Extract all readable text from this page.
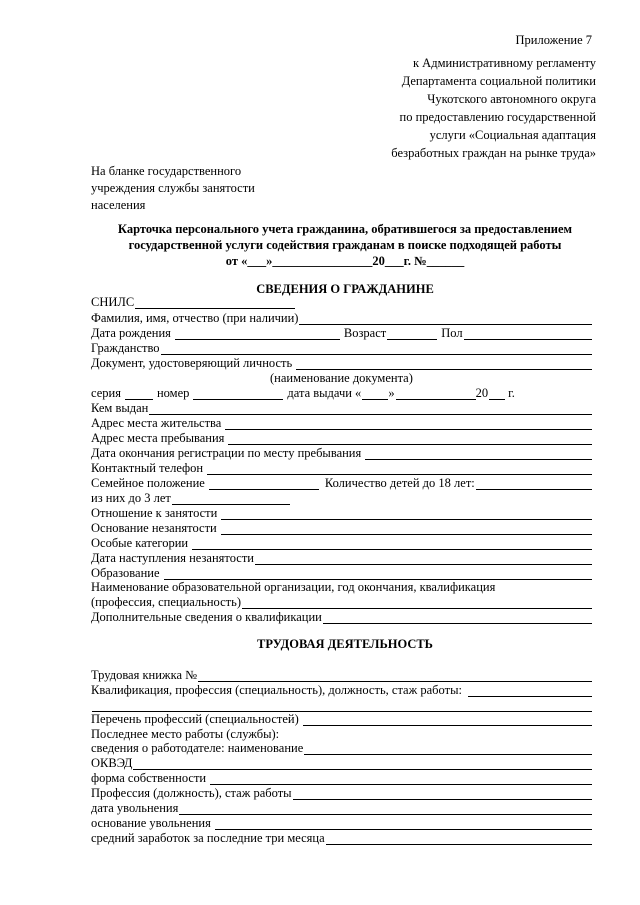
Приложение 7
к Административному регламенту
Департамента социальной политики
Чукотского автономного округа
по предоставлению государственной
услуги «Социальная адаптация
безработных граждан на рынке труда»
На бланке государственного
учреждения службы занятости
населения
Карточка персонального учета гражданина, обратившегося за предоставлением
государственной услуги содействия гражданам в поиске подходящей работы
от «___»________________20___г. №______
СВЕДЕНИЯ О ГРАЖДАНИНЕ
СНИЛС
Фамилия, имя, отчество (при наличии)
Дата рождения	Возраст	Пол
Гражданство
Документ, удостоверяющий личность
(наименование документа)
серия	номер	дата выдачи « »	20 г.
Кем выдан
Адрес места жительства
Адрес места пребывания
Дата окончания регистрации по месту пребывания
Контактный телефон
Семейное положение	Количество детей до 18 лет:
из них до 3 лет
Отношение к занятости
Основание незанятости
Особые категории
Дата наступления незанятости
Образование
Наименование образовательной организации, год окончания, квалификация
(профессия, специальность)
Дополнительные сведения о квалификации
ТРУДОВАЯ ДЕЯТЕЛЬНОСТЬ
Трудовая книжка №
Квалификация, профессия (специальность), должность, стаж работы:
Перечень профессий (специальностей)
Последнее место работы (службы):
сведения о работодателе: наименование
ОКВЭД
форма собственности
Профессия (должность), стаж работы
дата увольнения
основание увольнения
средний заработок за последние три месяца
